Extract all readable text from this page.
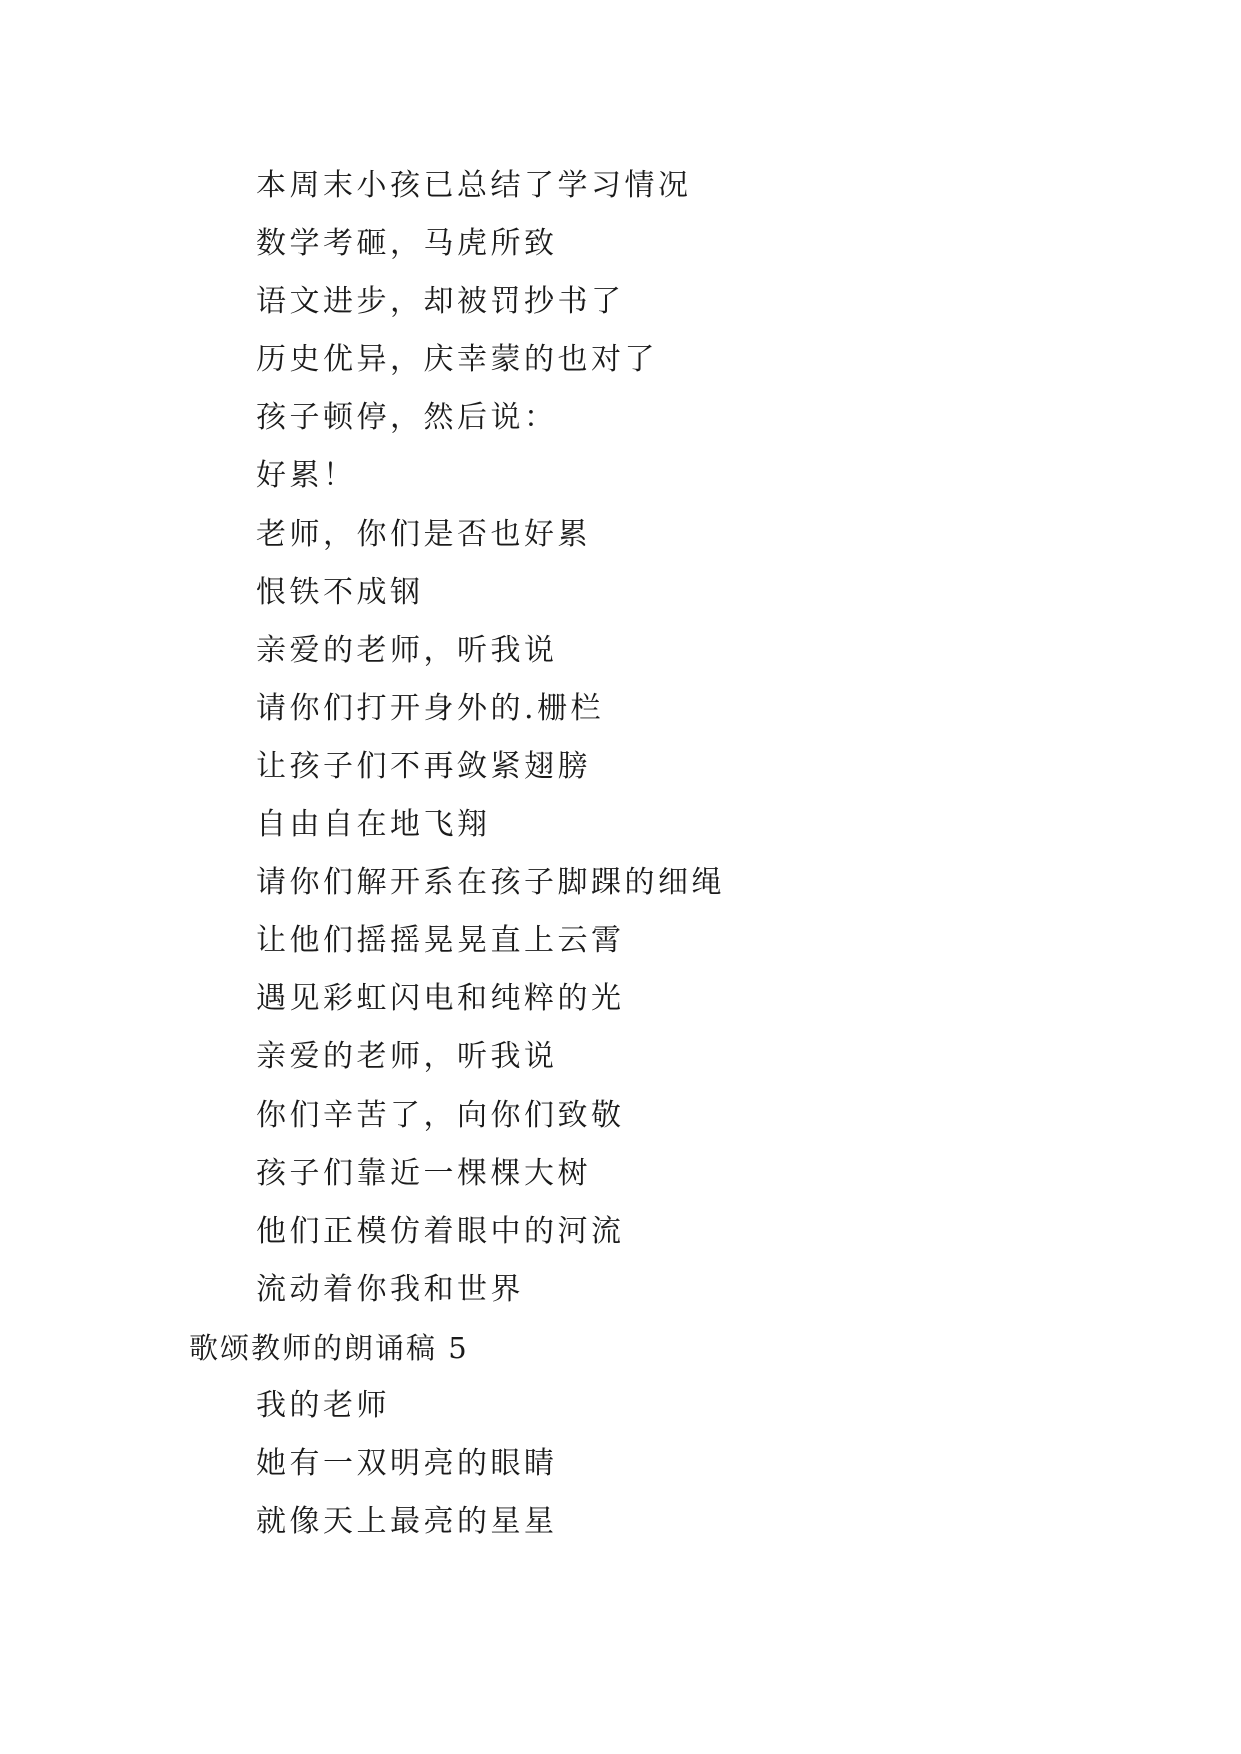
本周末小孩已总结了学习情况
数学考砸，马虎所致
语文进步，却被罚抄书了
历史优异，庆幸蒙的也对了
孩子顿停，然后说：
好累！
老师，你们是否也好累
恨铁不成钢
亲爱的老师，听我说
请你们打开身外的.栅栏
让孩子们不再敛紧翅膀
自由自在地飞翔
请你们解开系在孩子脚踝的细绳
让他们摇摇晃晃直上云霄
遇见彩虹闪电和纯粹的光
亲爱的老师，听我说
你们辛苦了，向你们致敬
孩子们靠近一棵棵大树
他们正模仿着眼中的河流
流动着你我和世界
歌颂教师的朗诵稿 5
我的老师
她有一双明亮的眼睛
就像天上最亮的星星
